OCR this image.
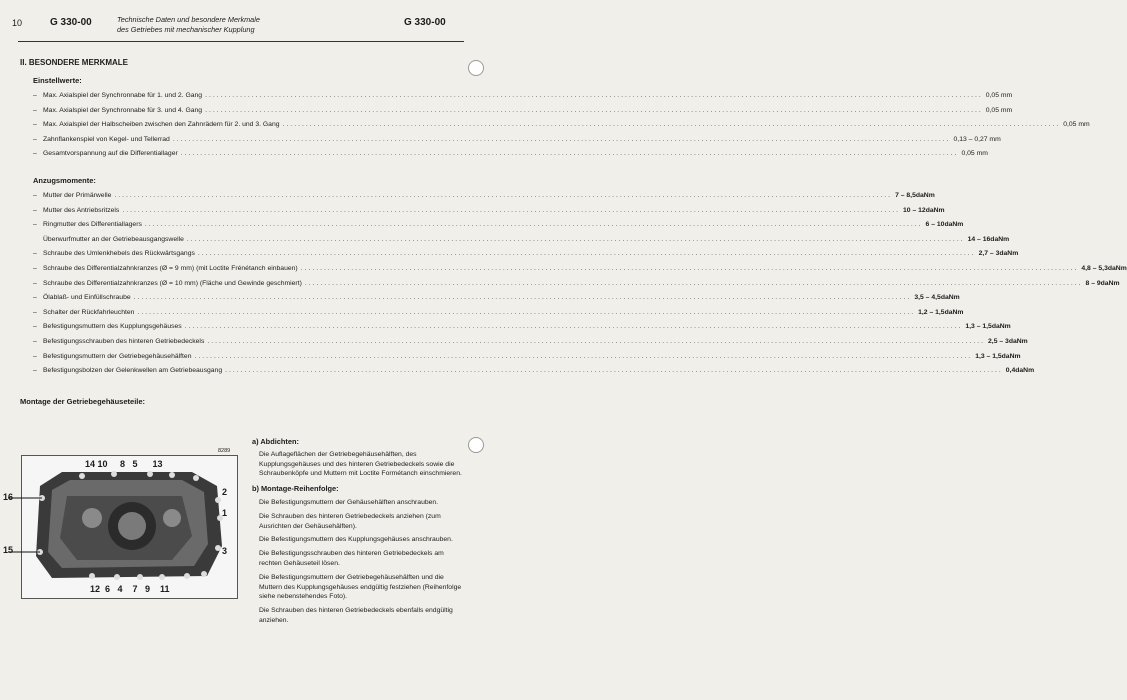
10	G 330-00	Technische Daten und besondere Merkmale
des Getriebes mit mechanischer Kupplung
G 330-00
II. BESONDERE MERKMALE
Einstellwerte:
– Max. Axialspiel der Synchronnabe für 1. und 2. Gang ........................................................................................................................................................................................................ 0,05 mm
– Max. Axialspiel der Synchronnabe für 3. und 4. Gang ........................................................................................................................................................................................................ 0,05 mm
– Max. Axialspiel der Halbscheiben zwischen den Zahnrädern für 2. und 3. Gang ........................................................................................................................................................................................................ 0,05 mm
– Zahnflankenspiel von Kegel- und Tellerrad ........................................................................................................................................................................................................ 0,13 – 0,27 mm
– Gesamtvorspannung auf die Differentiallager ........................................................................................................................................................................................................ 0,05 mm
Anzugsmomente:
– Mutter der Primärwelle ........................................................................................................................................................................................................ 7 – 8,5 daNm
– Mutter des Antriebsritzels ........................................................................................................................................................................................................ 10 – 12 daNm
– Ringmutter des Differentiallagers ........................................................................................................................................................................................................ 6 – 10 daNm
Überwurfmutter an der Getriebeausgangswelle ........................................................................................................................................................................................................ 14 – 16 daNm
– Schraube des Umlenkhebels des Rückwärtsgangs ........................................................................................................................................................................................................ 2,7 – 3 daNm
– Schraube des Differentialzahnkranzes (Ø = 9 mm) (mit Loctite Frénétanch einbauen) ........................................................................................................................................................................................................ 4,8 – 5,3 daNm
– Schraube des Differentialzahnkranzes (Ø = 10 mm) (Fläche und Gewinde geschmiert) ........................................................................................................................................................................................................ 8 – 9 daNm
– Ölablaß- und Einfüllschraube ........................................................................................................................................................................................................ 3,5 – 4,5 daNm
– Schalter der Rückfahrleuchten ........................................................................................................................................................................................................ 1,2 – 1,5 daNm
– Befestigungsmuttern des Kupplungsgehäuses ........................................................................................................................................................................................................ 1,3 – 1,5 daNm
– Befestigungsschrauben des hinteren Getriebedeckels ........................................................................................................................................................................................................ 2,5 – 3 daNm
– Befestigungsmuttern der Getriebegehäusehälften ........................................................................................................................................................................................................ 1,3 – 1,5 daNm
– Befestigungsbolzen der Gelenkwellen am Getriebeausgang ........................................................................................................................................................................................................ 0,4 daNm
Montage der Getriebegehäuseteile:
8289
14 10     8   5      13
12  6   4    7   9    11
16
15
2
1
3
a) Abdichten:
Die Auflageflächen der Getriebegehäusehälften, des Kupplungsgehäuses und des hinteren Getriebedeckels sowie die Schraubenköpfe und Muttern mit Loctite Formétanch einschmieren.
b) Montage-Reihenfolge:
Die Befestigungsmuttern der Gehäusehälften anschrauben.
Die Schrauben des hinteren Getriebedeckels anziehen (zum Ausrichten der Gehäusehälften).
Die Befestigungsmuttern des Kupplungsgehäuses anschrauben.
Die Befestigungsschrauben des hinteren Getriebedeckels am rechten Gehäuseteil lösen.
Die Befestigungsmuttern der Getriebegehäusehälften und die Muttern des Kupplungsgehäuses endgültig festziehen (Reihenfolge siehe nebenstehendes Foto).
Die Schrauben des hinteren Getriebedeckels ebenfalls endgültig anziehen.
